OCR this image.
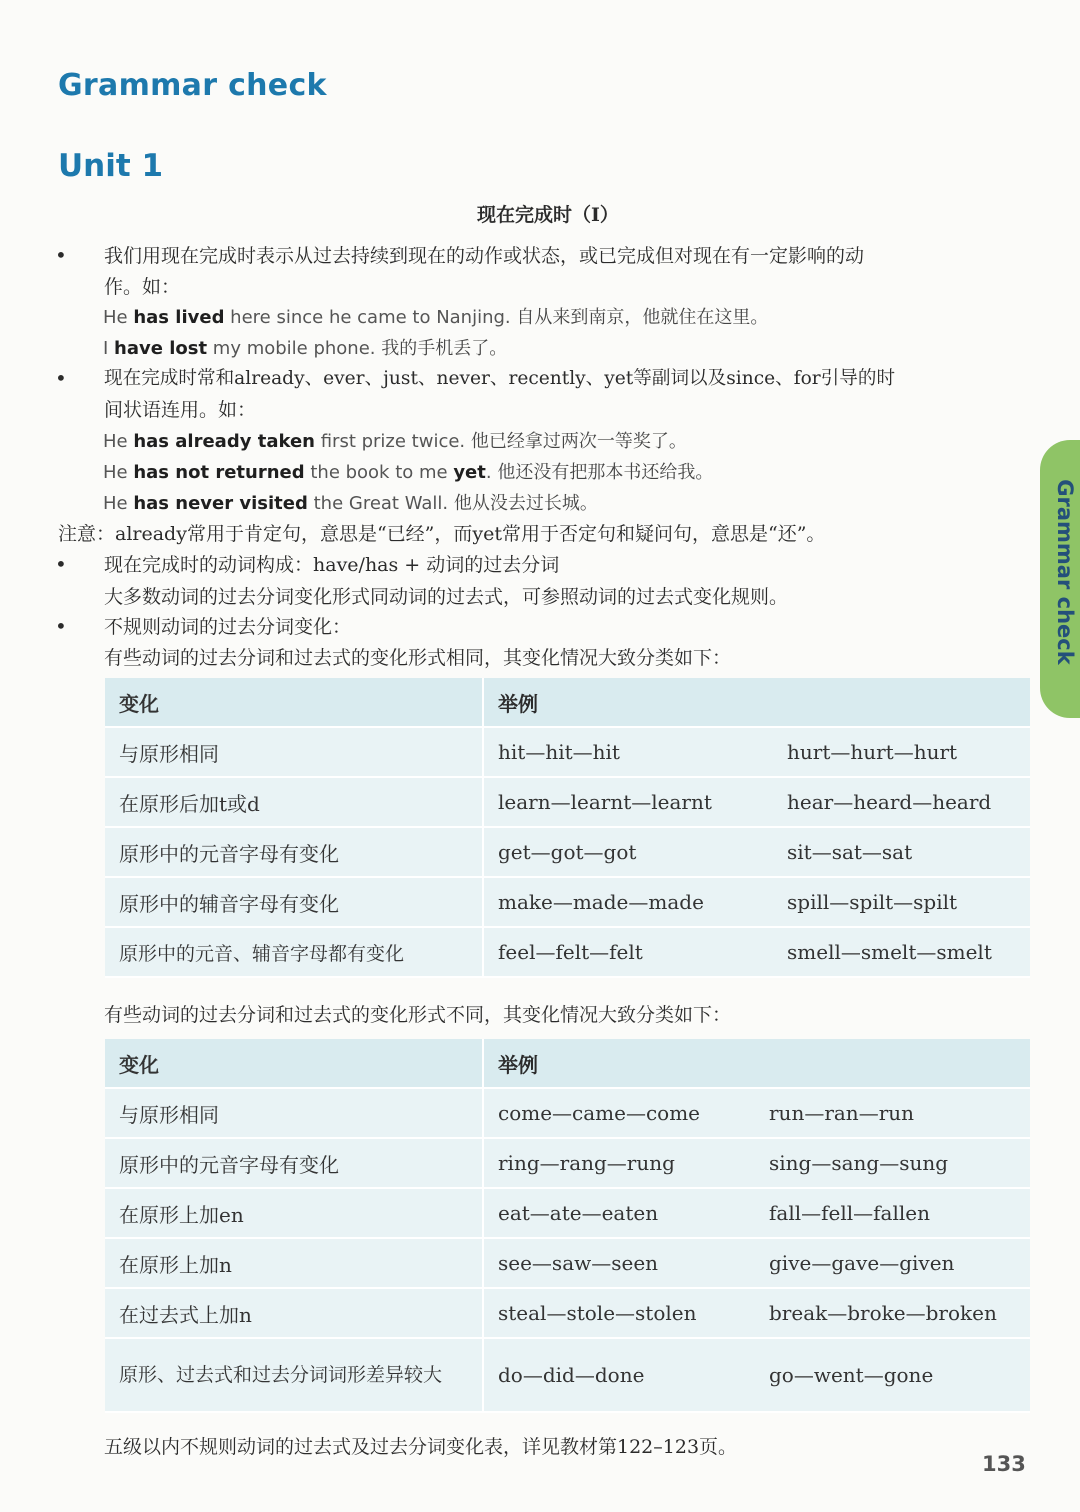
Grammar check
Unit 1
现在完成时（I）
• 我们用现在完成时表示从过去持续到现在的动作或状态，或已完成但对现在有一定影响的动
作。如：
He has lived here since he came to Nanjing. 自从来到南京，他就住在这里。
I have lost my mobile phone. 我的手机丢了。
• 现在完成时常和already、ever、just、never、recently、yet等副词以及since、for引导的时
间状语连用。如：
He has already taken first prize twice. 他已经拿过两次一等奖了。
He has not returned the book to me yet. 他还没有把那本书还给我。
He has never visited the Great Wall. 他从没去过长城。
注意：already常用于肯定句，意思是“已经”，而yet常用于否定句和疑问句，意思是“还”。
• 现在完成时的动词构成：have/has + 动词的过去分词
大多数动词的过去分词变化形式同动词的过去式，可参照动词的过去式变化规则。
• 不规则动词的过去分词变化：
有些动词的过去分词和过去式的变化形式相同，其变化情况大致分类如下：
变化	举例	
与原形相同	hit—hit—hit	hurt—hurt—hurt
在原形后加t或d	learn—learnt—learnt	hear—heard—heard
原形中的元音字母有变化	get—got—got	sit—sat—sat
原形中的辅音字母有变化	make—made—made	spill—spilt—spilt
原形中的元音、辅音字母都有变化	feel—felt—felt	smell—smelt—smelt
有些动词的过去分词和过去式的变化形式不同，其变化情况大致分类如下：
变化	举例	
与原形相同	come—came—come	run—ran—run
原形中的元音字母有变化	ring—rang—rung	sing—sang—sung
在原形上加en	eat—ate—eaten	fall—fell—fallen
在原形上加n	see—saw—seen	give—gave—given
在过去式上加n	steal—stole—stolen	break—broke—broken
原形、过去式和过去分词词形差异较大	do—did—done	go—went—gone
五级以内不规则动词的过去式及过去分词变化表，详见教材第122–123页。
Grammar check
133
